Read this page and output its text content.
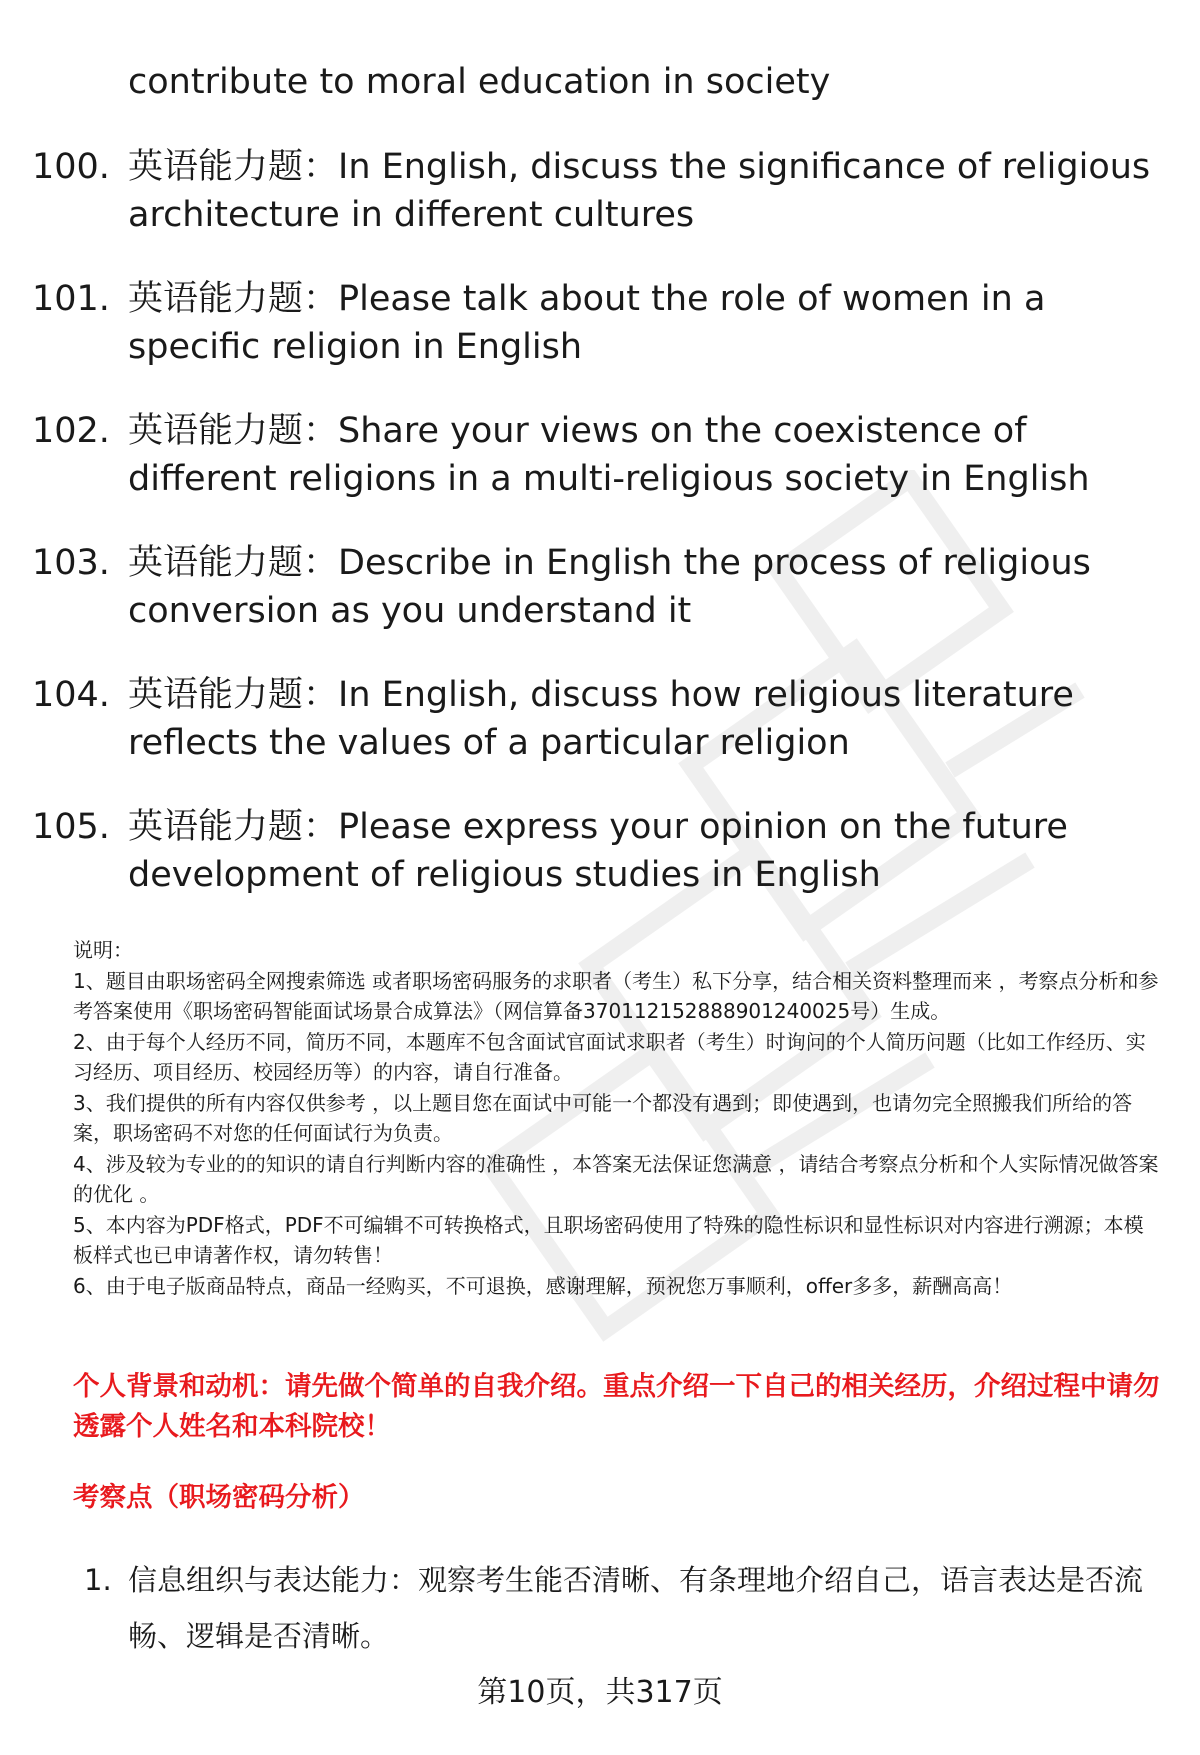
contribute to moral education in society
100. 英语能力题：In English, discuss the significance of religious architecture in different cultures
101. 英语能力题：Please talk about the role of women in a specific religion in English
102. 英语能力题：Share your views on the coexistence of different religions in a multi-religious society in English
103. 英语能力题：Describe in English the process of religious conversion as you understand it
104. 英语能力题：In English, discuss how religious literature reflects the values of a particular religion
105. 英语能力题：Please express your opinion on the future development of religious studies in English

说明：

1、题目由职场密码全网搜索筛选 或者职场密码服务的求职者（考生）私下分享，结合相关资料整理而来 ，考察点分析和参考答案使用《职场密码智能面试场景合成算法》（网信算备370112152888901240025号）生成。

2、由于每个人经历不同，简历不同，本题库不包含面试官面试求职者（考生）时询问的个人简历问题（比如工作经历、实习经历、项目经历、校园经历等）的内容，请自行准备。

3、我们提供的所有内容仅供参考 ，以上题目您在面试中可能一个都没有遇到；即使遇到，也请勿完全照搬我们所给的答案，职场密码不对您的任何面试行为负责。

4、涉及较为专业的的知识的请自行判断内容的准确性 ，本答案无法保证您满意 ，请结合考察点分析和个人实际情况做答案的优化 。

5、本内容为PDF格式，PDF不可编辑不可转换格式，且职场密码使用了特殊的隐性标识和显性标识对内容进行溯源；本模板样式也已申请著作权，请勿转售！

6、由于电子版商品特点，商品一经购买，不可退换，感谢理解，预祝您万事顺利，offer多多，薪酬高高！

个人背景和动机：请先做个简单的自我介绍。重点介绍一下自己的相关经历，介绍过程中请勿透露个人姓名和本科院校！
考察点（职场密码分析）
1. 信息组织与表达能力：观察考生能否清晰、有条理地介绍自己，语言表达是否流畅、逻辑是否清晰。
第10页，共317页
